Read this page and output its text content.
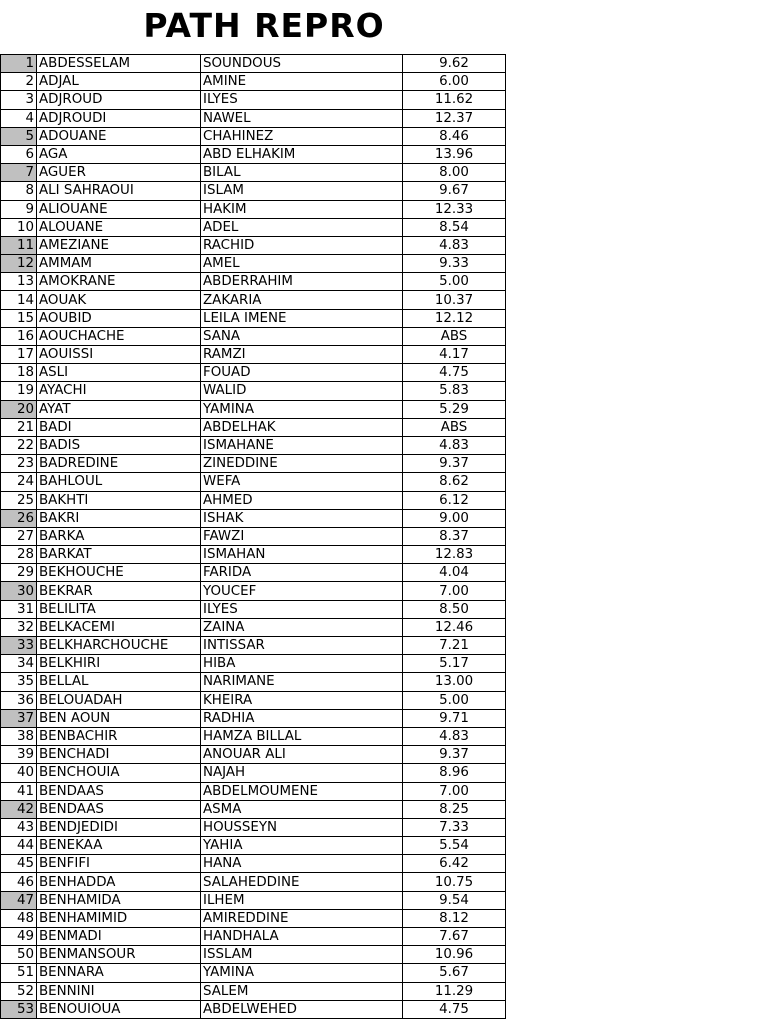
PATH REPRO
1	ABDESSELAM	SOUNDOUS	9.62
2	ADJAL	AMINE	6.00
3	ADJROUD	ILYES	11.62
4	ADJROUDI	NAWEL	12.37
5	ADOUANE	CHAHINEZ	8.46
6	AGA	ABD ELHAKIM	13.96
7	AGUER	BILAL	8.00
8	ALI SAHRAOUI	ISLAM	9.67
9	ALIOUANE	HAKIM	12.33
10	ALOUANE	ADEL	8.54
11	AMEZIANE	RACHID	4.83
12	AMMAM	AMEL	9.33
13	AMOKRANE	ABDERRAHIM	5.00
14	AOUAK	ZAKARIA	10.37
15	AOUBID	LEILA IMENE	12.12
16	AOUCHACHE	SANA	ABS
17	AOUISSI	RAMZI	4.17
18	ASLI	FOUAD	4.75
19	AYACHI	WALID	5.83
20	AYAT	YAMINA	5.29
21	BADI	ABDELHAK	ABS
22	BADIS	ISMAHANE	4.83
23	BADREDINE	ZINEDDINE	9.37
24	BAHLOUL	WEFA	8.62
25	BAKHTI	AHMED	6.12
26	BAKRI	ISHAK	9.00
27	BARKA	FAWZI	8.37
28	BARKAT	ISMAHAN	12.83
29	BEKHOUCHE	FARIDA	4.04
30	BEKRAR	YOUCEF	7.00
31	BELILITA	ILYES	8.50
32	BELKACEMI	ZAINA	12.46
33	BELKHARCHOUCHE	INTISSAR	7.21
34	BELKHIRI	HIBA	5.17
35	BELLAL	NARIMANE	13.00
36	BELOUADAH	KHEIRA	5.00
37	BEN AOUN	RADHIA	9.71
38	BENBACHIR	HAMZA BILLAL	4.83
39	BENCHADI	ANOUAR ALI	9.37
40	BENCHOUIA	NAJAH	8.96
41	BENDAAS	ABDELMOUMENE	7.00
42	BENDAAS	ASMA	8.25
43	BENDJEDIDI	HOUSSEYN	7.33
44	BENEKAA	YAHIA	5.54
45	BENFIFI	HANA	6.42
46	BENHADDA	SALAHEDDINE	10.75
47	BENHAMIDA	ILHEM	9.54
48	BENHAMIMID	AMIREDDINE	8.12
49	BENMADI	HANDHALA	7.67
50	BENMANSOUR	ISSLAM	10.96
51	BENNARA	YAMINA	5.67
52	BENNINI	SALEM	11.29
53	BENOUIOUA	ABDELWEHED	4.75
